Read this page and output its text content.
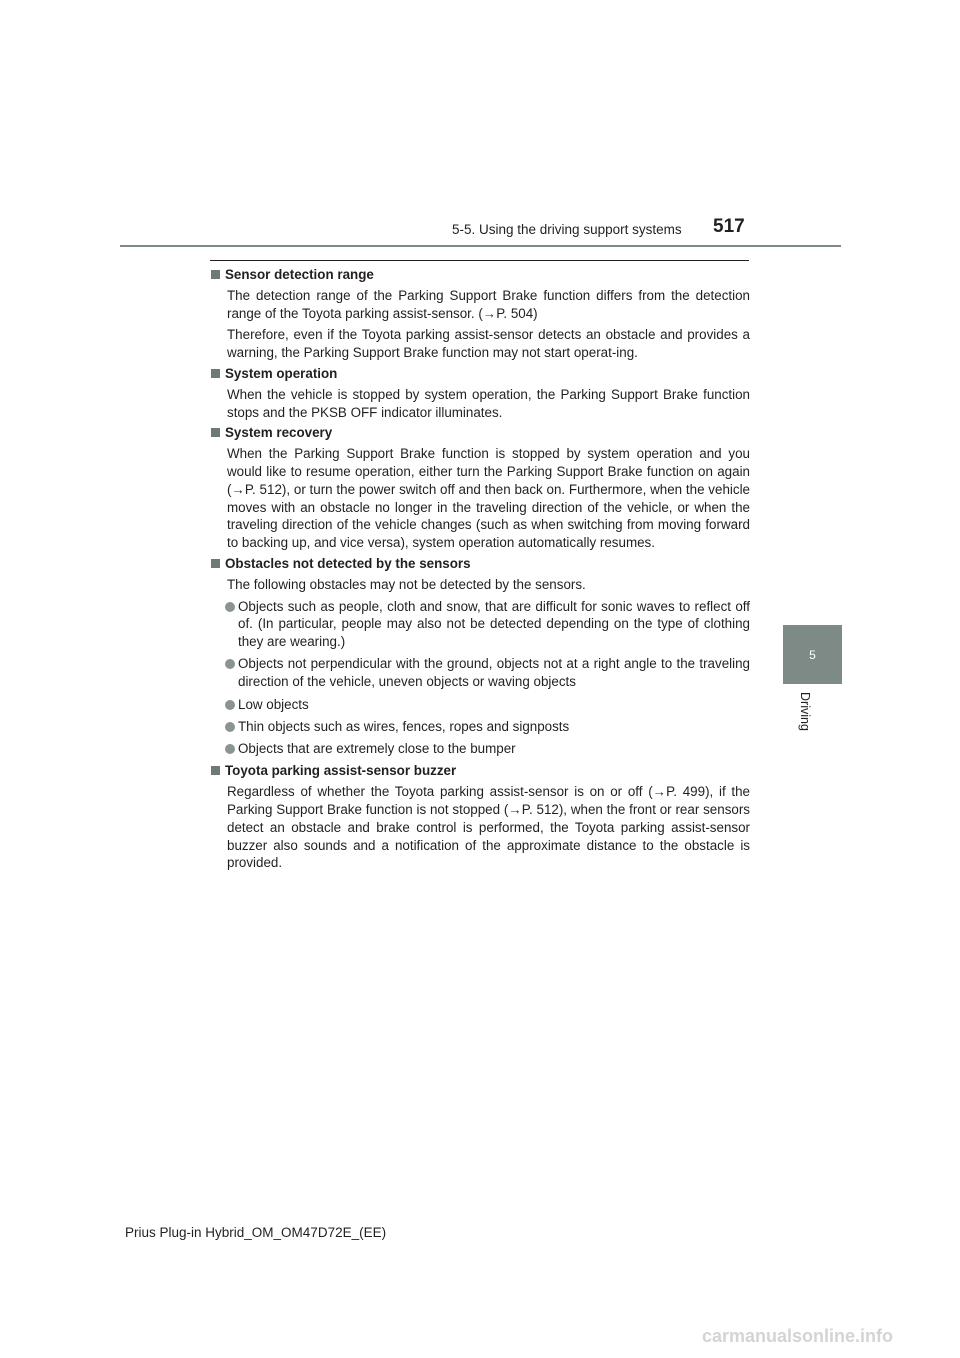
5-5. Using the driving support systems 517
5
Driving
Sensor detection range

The detection range of the Parking Support Brake function differs from the detection range of the Toyota parking assist-sensor. (→P. 504)

Therefore, even if the Toyota parking assist-sensor detects an obstacle and provides a warning, the Parking Support Brake function may not start operat-ing.

System operation

When the vehicle is stopped by system operation, the Parking Support Brake function stops and the PKSB OFF indicator illuminates.

System recovery

When the Parking Support Brake function is stopped by system operation and you would like to resume operation, either turn the Parking Support Brake function on again (→P. 512), or turn the power switch off and then back on. Furthermore, when the vehicle moves with an obstacle no longer in the traveling direction of the vehicle, or when the traveling direction of the vehicle changes (such as when switching from moving forward to backing up, and vice versa), system operation automatically resumes.

Obstacles not detected by the sensors

The following obstacles may not be detected by the sensors.

Objects such as people, cloth and snow, that are difficult for sonic waves to reflect off of. (In particular, people may also not be detected depending on the type of clothing they are wearing.)
Objects not perpendicular with the ground, objects not at a right angle to the traveling direction of the vehicle, uneven objects or waving objects
Low objects
Thin objects such as wires, fences, ropes and signposts
Objects that are extremely close to the bumper
Toyota parking assist-sensor buzzer

Regardless of whether the Toyota parking assist-sensor is on or off (→P. 499), if the Parking Support Brake function is not stopped (→P. 512), when the front or rear sensors detect an obstacle and brake control is performed, the Toyota parking assist-sensor buzzer also sounds and a notification of the approximate distance to the obstacle is provided.

Prius Plug-in Hybrid_OM_OM47D72E_(EE)
carmanualsonline.info
